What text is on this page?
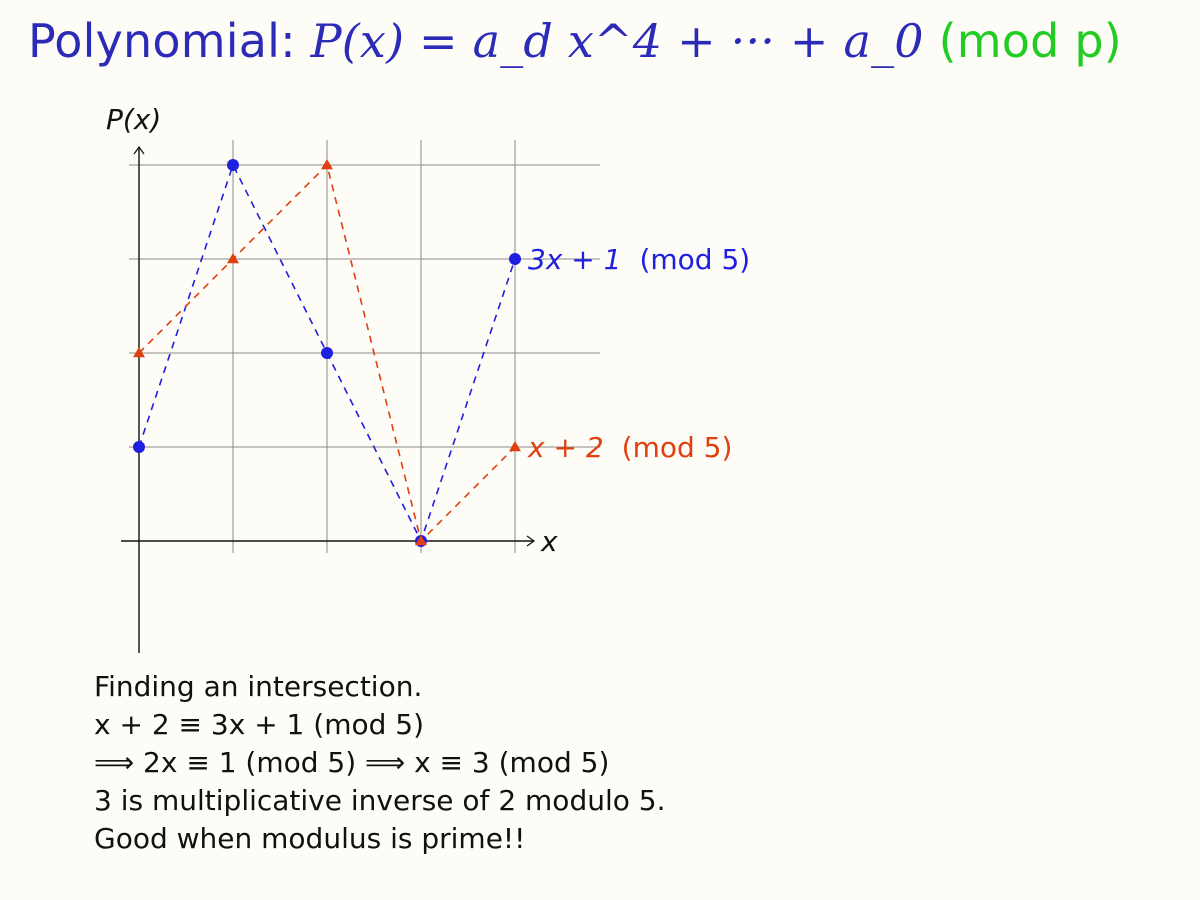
Polynomial: P(x) = a_d x^4 + ··· + a_0 (mod p)
x
P(x)
3x + 1 (mod 5)
x + 2 (mod 5)
Finding an intersection.
x + 2 ≡ 3x + 1 (mod 5)
⟹ 2x ≡ 1 (mod 5) ⟹ x ≡ 3 (mod 5)
3 is multiplicative inverse of 2 modulo 5.
Good when modulus is prime!!
